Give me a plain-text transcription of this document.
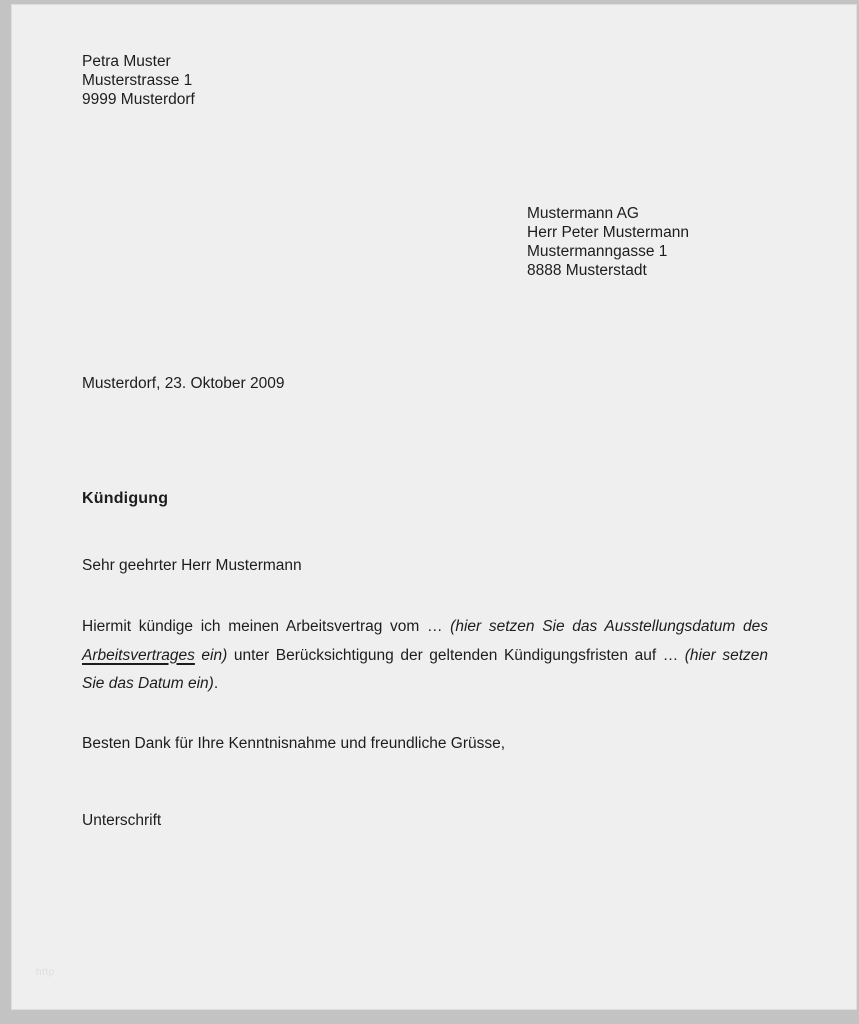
Petra Muster
Musterstrasse 1
9999 Musterdorf
Mustermann AG
Herr Peter Mustermann
Mustermanngasse 1
8888 Musterstadt
Musterdorf, 23. Oktober 2009
Kündigung
Sehr geehrter Herr Mustermann

Hiermit kündige ich meinen Arbeitsvertrag vom … (hier setzen Sie das Ausstellungsdatum des Arbeitsvertrages ein) unter Berücksichtigung der geltenden Kündigungsfristen auf … (hier setzen Sie das Datum ein).

Besten Dank für Ihre Kenntnisnahme und freundliche Grüsse,
Unterschrift
http
